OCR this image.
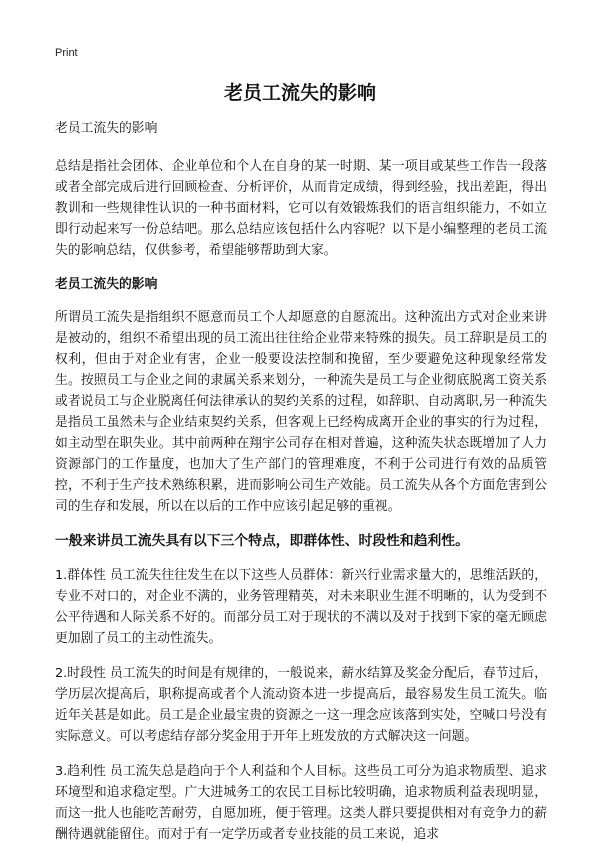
Print
老员工流失的影响

老员工流失的影响

总结是指社会团体、企业单位和个人在自身的某一时期、某一项目或某些工作告一段落或者全部完成后进行回顾检查、分析评价，从而肯定成绩，得到经验，找出差距，得出教训和一些规律性认识的一种书面材料，它可以有效锻炼我们的语言组织能力，不如立即行动起来写一份总结吧。那么总结应该包括什么内容呢？以下是小编整理的老员工流失的影响总结，仅供参考，希望能够帮助到大家。

老员工流失的影响

所谓员工流失是指组织不愿意而员工个人却愿意的自愿流出。这种流出方式对企业来讲是被动的，组织不希望出现的员工流出往往给企业带来特殊的损失。员工辞职是员工的权利，但由于对企业有害，企业一般要设法控制和挽留，至少要避免这种现象经常发生。按照员工与企业之间的隶属关系来划分，一种流失是员工与企业彻底脱离工资关系或者说员工与企业脱离任何法律承认的契约关系的过程，如辞职、自动离职,另一种流失是指员工虽然未与企业结束契约关系，但客观上已经构成离开企业的事实的行为过程，如主动型在职失业。其中前两种在翔宇公司存在相对普遍，这种流失状态既增加了人力资源部门的工作量度，也加大了生产部门的管理难度，不利于公司进行有效的品质管控，不利于生产技术熟练积累，进而影响公司生产效能。员工流失从各个方面危害到公司的生存和发展，所以在以后的工作中应该引起足够的重视。

一般来讲员工流失具有以下三个特点，即群体性、时段性和趋利性。

1.群体性 员工流失往往发生在以下这些人员群体：新兴行业需求量大的，思维活跃的，专业不对口的，对企业不满的，业务管理精英，对未来职业生涯不明晰的，认为受到不公平待遇和人际关系不好的。而部分员工对于现状的不满以及对于找到下家的毫无顾虑更加剧了员工的主动性流失。

2.时段性 员工流失的时间是有规律的，一般说来，薪水结算及奖金分配后，春节过后，学历层次提高后，职称提高或者个人流动资本进一步提高后，最容易发生员工流失。临近年关甚是如此。员工是企业最宝贵的资源之一这一理念应该落到实处，空喊口号没有实际意义。可以考虑结存部分奖金用于开年上班发放的方式解决这一问题。

3.趋利性 员工流失总是趋向于个人利益和个人目标。这些员工可分为追求物质型、追求环境型和追求稳定型。广大进城务工的农民工目标比较明确，追求物质利益表现明显，而这一批人也能吃苦耐劳，自愿加班，便于管理。这类人群只要提供相对有竞争力的薪酬待遇就能留住。而对于有一定学历或者专业技能的员工来说，追求
